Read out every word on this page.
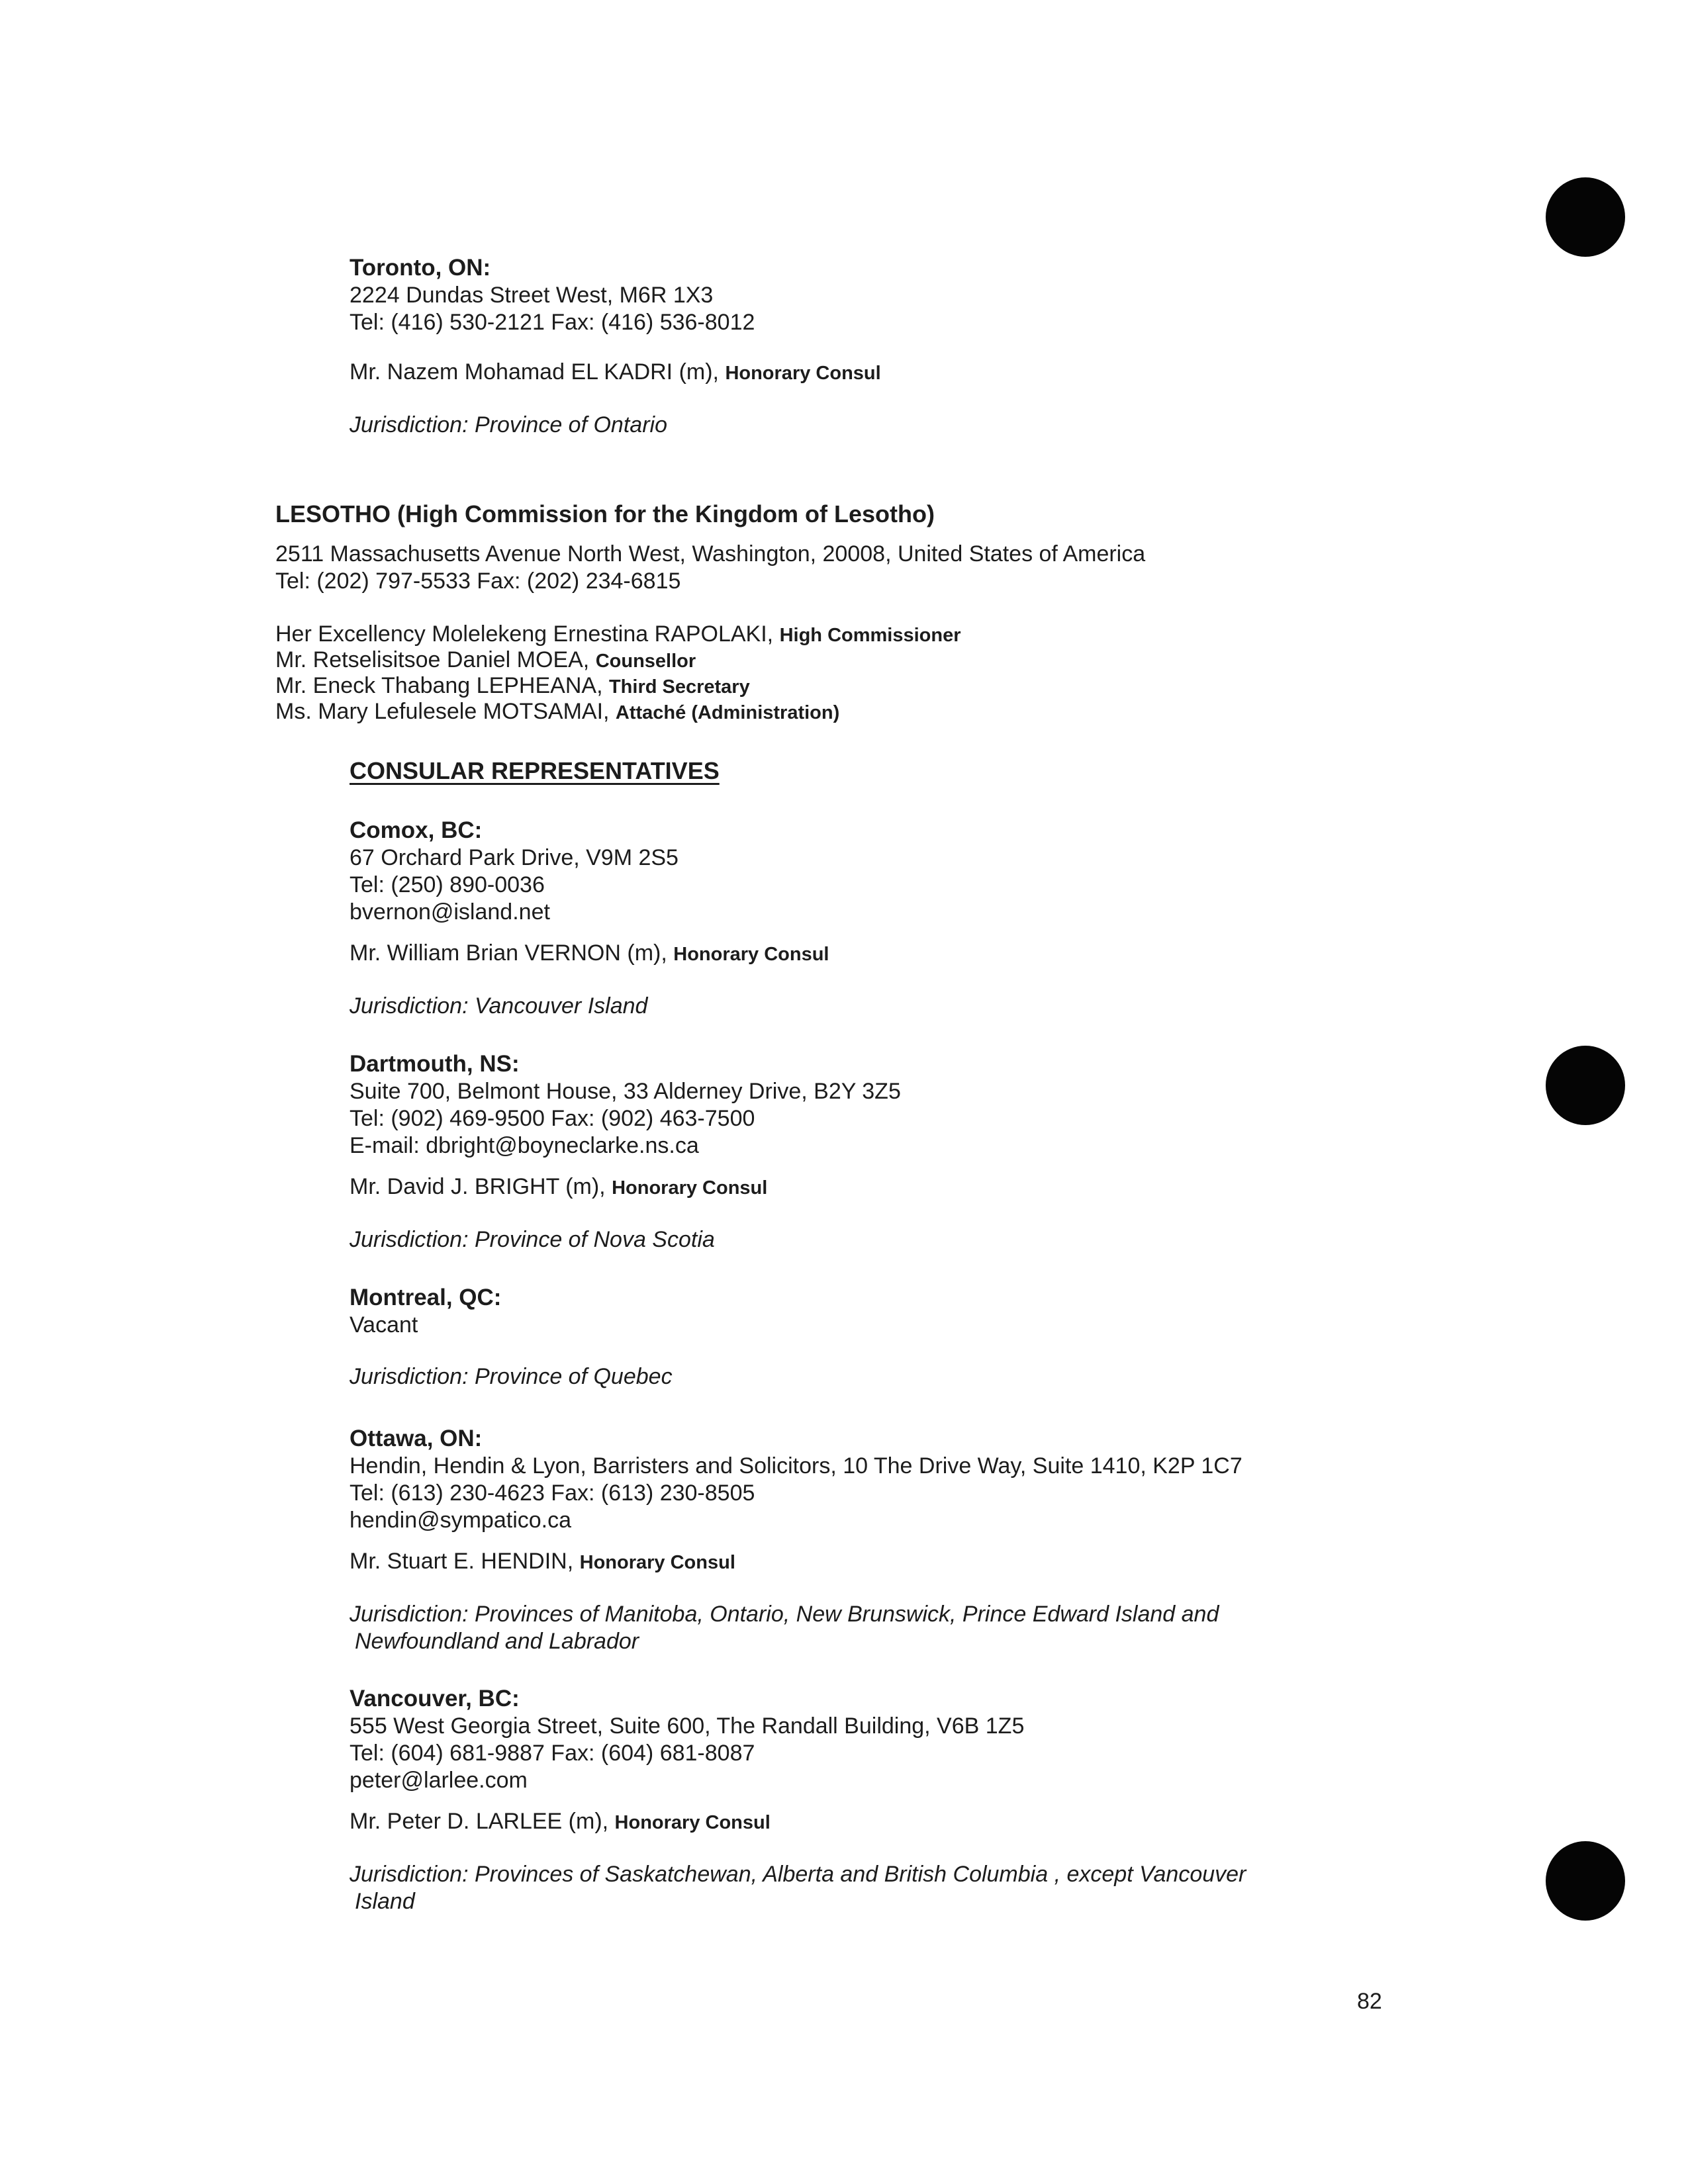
Toronto, ON:
2224 Dundas Street West, M6R 1X3
Tel: (416) 530-2121 Fax: (416) 536-8012
Mr. Nazem Mohamad EL KADRI (m), Honorary Consul
Jurisdiction: Province of Ontario
LESOTHO (High Commission for the Kingdom of Lesotho)
2511 Massachusetts Avenue North West, Washington, 20008, United States of America
Tel: (202) 797-5533 Fax: (202) 234-6815
Her Excellency Molelekeng Ernestina RAPOLAKI, High Commissioner
Mr. Retselisitsoe Daniel MOEA, Counsellor
Mr. Eneck Thabang LEPHEANA, Third Secretary
Ms. Mary Lefulesele MOTSAMAI, Attaché (Administration)
CONSULAR REPRESENTATIVES
Comox, BC:
67 Orchard Park Drive, V9M 2S5
Tel: (250) 890-0036
bvernon@island.net
Mr. William Brian VERNON (m), Honorary Consul
Jurisdiction: Vancouver Island
Dartmouth, NS:
Suite 700, Belmont House, 33 Alderney Drive, B2Y 3Z5
Tel: (902) 469-9500 Fax: (902) 463-7500
E-mail: dbright@boyneclarke.ns.ca
Mr. David J. BRIGHT (m), Honorary Consul
Jurisdiction: Province of Nova Scotia
Montreal, QC:
Vacant
Jurisdiction: Province of Quebec
Ottawa, ON:
Hendin, Hendin & Lyon, Barristers and Solicitors, 10 The Drive Way, Suite 1410, K2P 1C7
Tel: (613) 230-4623 Fax: (613) 230-8505
hendin@sympatico.ca
Mr. Stuart E. HENDIN, Honorary Consul
Jurisdiction: Provinces of Manitoba, Ontario, New Brunswick, Prince Edward Island and
Newfoundland and Labrador
Vancouver, BC:
555 West Georgia Street, Suite 600, The Randall Building, V6B 1Z5
Tel: (604) 681-9887 Fax: (604) 681-8087
peter@larlee.com
Mr. Peter D. LARLEE (m), Honorary Consul
Jurisdiction: Provinces of Saskatchewan, Alberta and British Columbia , except Vancouver
Island
82
